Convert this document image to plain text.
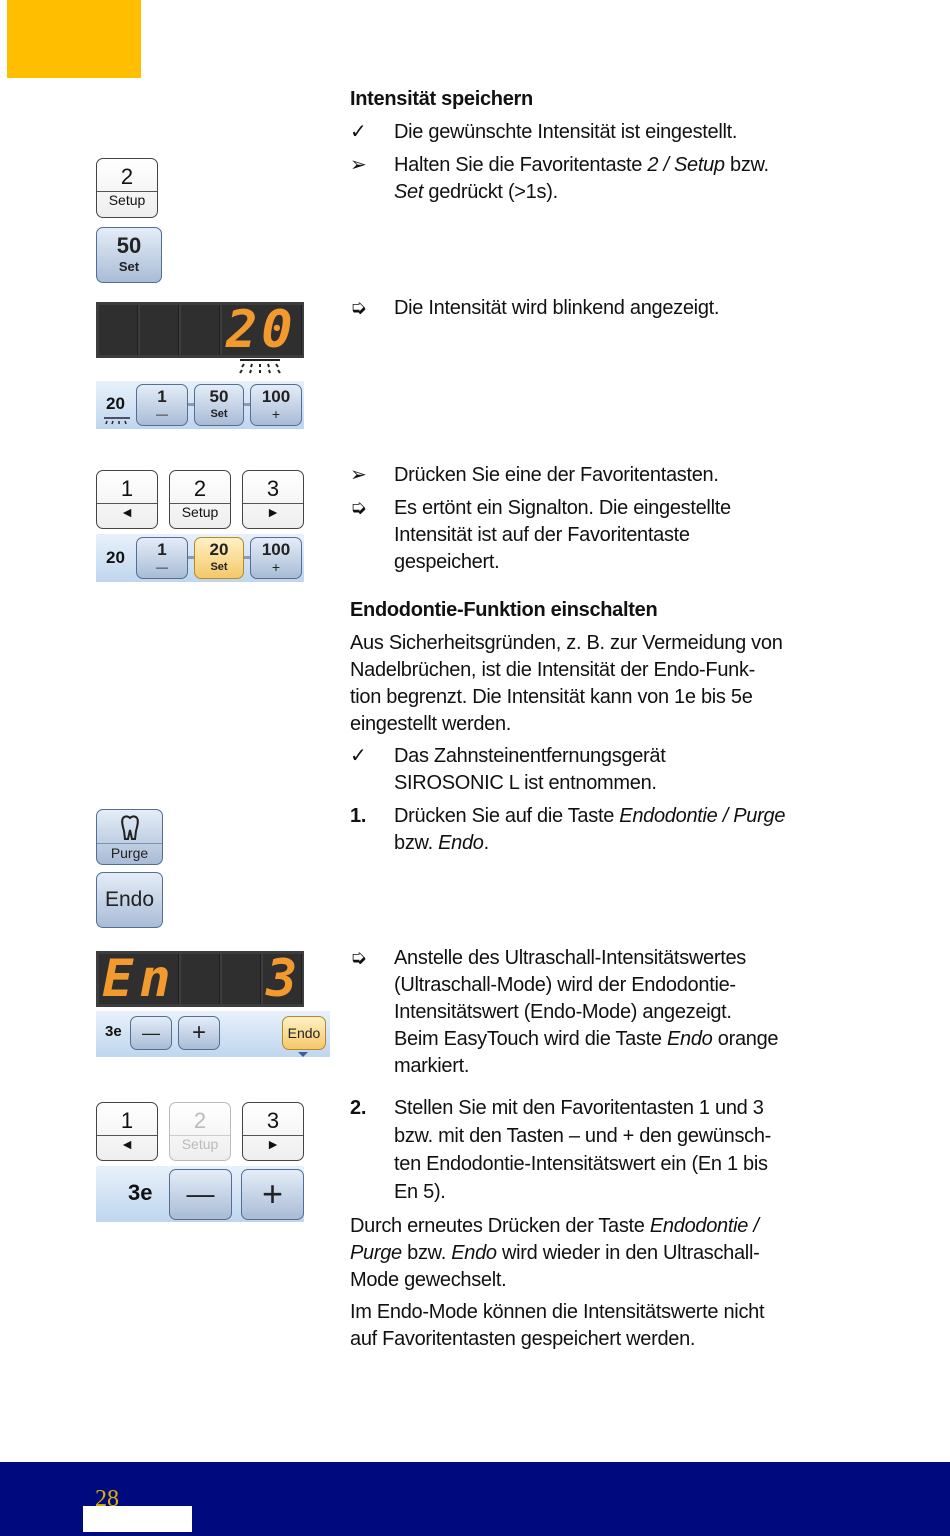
Intensität speichern
✓	Die gewünschte Intensität ist eingestellt.
➢	Halten Sie die Favoritentaste 2 / Setup bzw.
Set gedrückt (>1s).
➭	Die Intensität wird blinkend angezeigt.
➢	Drücken Sie eine der Favoritentasten.
➭	Es ertönt ein Signalton. Die eingestellte
Intensität ist auf der Favoritentaste
gespeichert.
Endodontie-Funktion einschalten
Aus Sicherheitsgründen, z. B. zur Vermeidung von
Nadelbrüchen, ist die Intensität der Endo-Funk-
tion begrenzt. Die Intensität kann von 1e bis 5e
eingestellt werden.
✓	Das Zahnsteinentfernungsgerät
SIROSONIC L ist entnommen.
1.	Drücken Sie auf die Taste Endodontie / Purge
bzw. Endo.
➭	Anstelle des Ultraschall-Intensitätswertes
(Ultraschall-Mode) wird der Endodontie-
Intensitätswert (Endo-Mode) angezeigt.
Beim EasyTouch wird die Taste Endo orange
markiert.
2.	Stellen Sie mit den Favoritentasten 1 und 3
bzw. mit den Tasten – und + den gewünsch-
ten Endodontie-Intensitätswert ein (En 1 bis
En 5).
Durch erneutes Drücken der Taste Endodontie /
Purge bzw. Endo wird wieder in den Ultraschall-
Mode gewechselt.
Im Endo-Mode können die Intensitätswerte nicht
auf Favoritentasten gespeichert werden.
2
Setup
50
Set
20
20	1
—
50
Set
100
+
1
◄
2
Setup
3
►
20	1
—
20
Set
100
+
Purge
Endo
En 3
3e	—	+	Endo
1
◄
2
Setup
3
►
3e	—	+
28
